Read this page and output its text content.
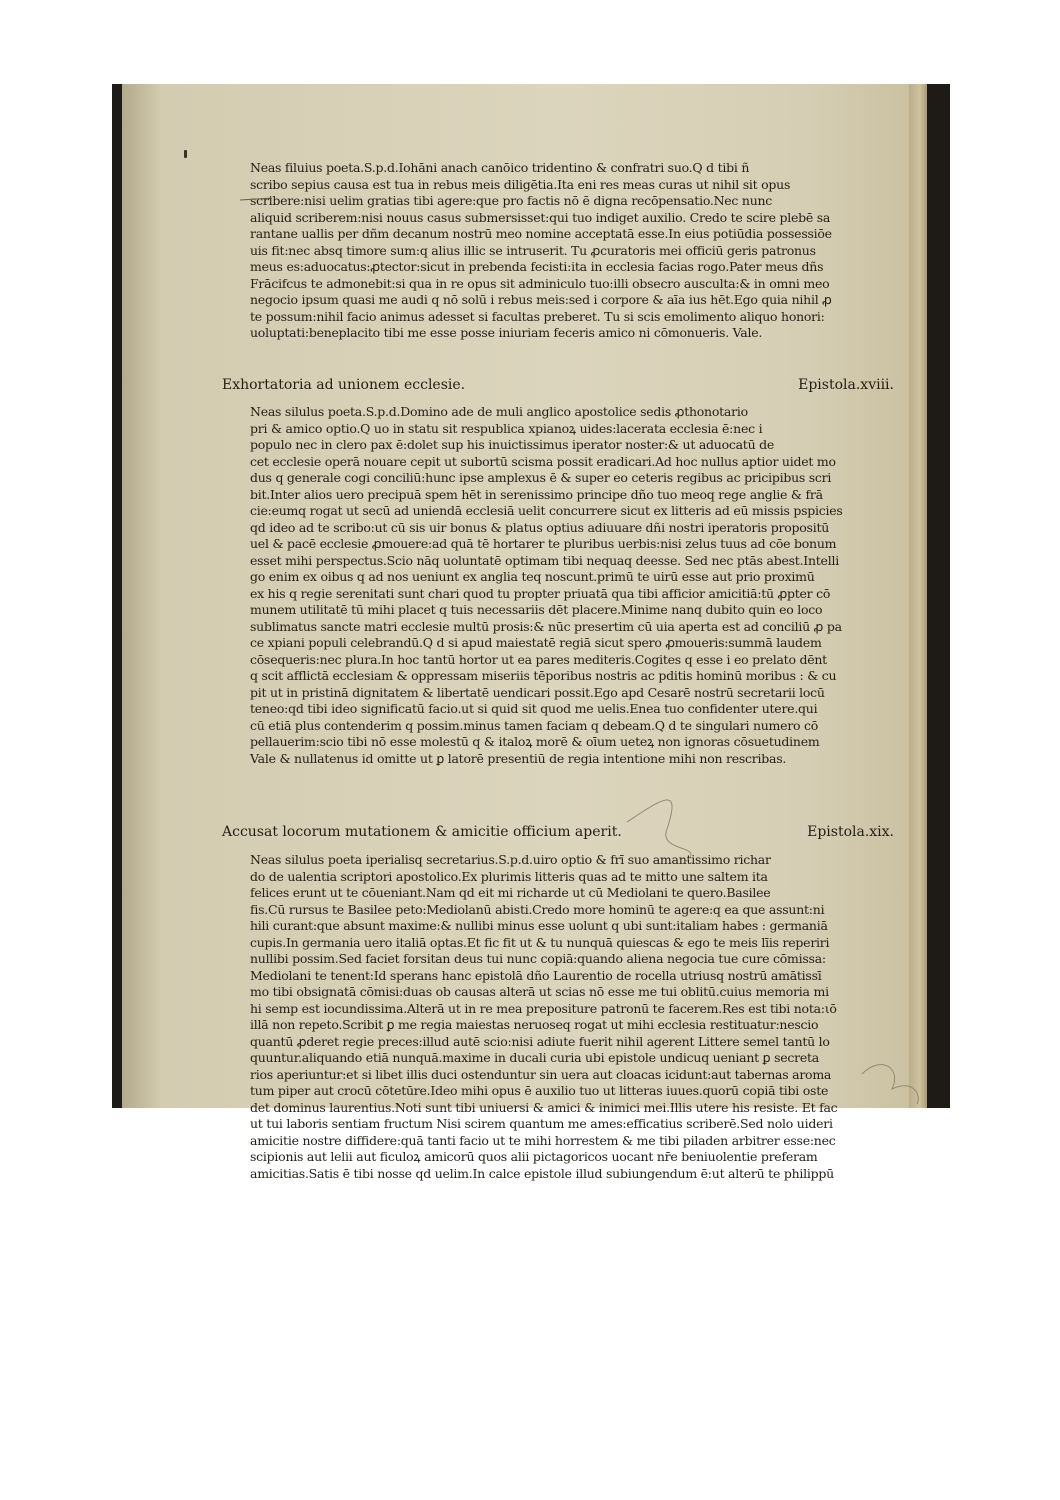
Neas filuius poeta.S.p.d.Iohāni anach canōico tridentino & confratri suo.Q d tibi ñ
scribo sepius causa est tua in rebus meis diligētia.Ita eni res meas curas ut nihil sit opus
scribere:nisi uelim gratias tibi agere:que pro factis nō ē digna recōpensatio.Nec nunc
aliquid scriberem:nisi nouus casus submersisset:qui tuo indiget auxilio. Credo te scire plebē sa
rantane uallis per dñm decanum nostrū meo nomine acceptatā esse.In eius potiūdia possessiōe
uis fit:nec absq timore sum:q alius illic se intruserit. Tu ꝓcuratoris mei officiū geris patronus
meus es:aduocatus:ꝓtector:sicut in prebenda fecisti:ita in ecclesia facias rogo.Pater meus dñs
Frācifcus te admonebit:si qua in re opus sit adminiculo tuo:illi obsecro auscultа:& in omni meo
negocio ipsum quasi me audi q nō solū i rebus meis:sed i corpore & aīa ius hēt.Ego quia nihil ꝓ
te possum:nihil facio animus adesset si facultas preberet. Tu si scis emolimento aliquo honori:
uoluptati:beneplacito tibi me esse posse iniuriam feceris amico ni cōmonueris. Vale.
Exhortatoria ad unionem ecclesie.	Epistola.xviii.
Neas silulus poeta.S.p.d.Domino ade de muli anglico apostolice sedis ꝓthonotario
pri & amico optio.Q uo in statu sit respublica xpianoꝝ uides:lacerata ecclesia ē:nec i
populo nec in clero pax ē:dolet sup his inuictissimus iperator noster:& ut aduocatū de
cet ecclesie operā nouare cepit ut subortū scisma possit eradicari.Ad hoc nullus aptior uidet mo
dus q generale cogi conciliū:hunc ipse amplexus ē & super eo ceteris regibus ac pricipibus scri
bit.Inter alios uero precipuā spem hēt in serenissimo principe dño tuo meoq rege anglie & frā
cie:eumq rogat ut secū ad uniendā ecclesiā uelit concurrere sicut ex litteris ad eū missis pspicies
qd ideo ad te scribo:ut cū sis uir bonus & platus optius adiuuare dñi nostri iperatoris propositū
uel & pacē ecclesie ꝓmouere:ad quā tē hortarer te pluribus uerbis:nisi zelus tuus ad cōe bonum
esset mihi perspectus.Scio nāq uoluntatē optimam tibi nequaq deesse. Sed nec ptās abest.Intelli
go enim ex oibus q ad nos ueniunt ex anglia teq noscunt.primū te uirū esse aut prio proximū
ex his q regie serenitati sunt chari quod tu propter priuatā qua tibi afficior amicitiā:tū ꝓpter cō
munem utilitatē tū mihi placet q tuis necessariis dēt placere.Minime nanq dubito quin eo loco
sublimatus sancte matri ecclesie multū prosis:& nūc presertim cū uia aperta est ad conciliū ꝓ pa
ce xpiani populi celebrandū.Q d si apud maiestatē regiā sicut spero ꝓmoueris:summā laudem
cōsequeris:nec plura.In hoc tantū hortor ut ea pares mediteris.Cogites q esse i eo prelato dēnt
q scit afflictā ecclesiam & oppressam miseriis tēporibus nostris ac pditis hominū moribus : & cu
pit ut in pristinā dignitatem & libertatē uendicari possit.Ego apd Cesarē nostrū secretarii locū
teneo:qd tibi ideo significatū facio.ut si quid sit quod me uelis.Enea tuo confidenter utere.qui
cū etiā plus contenderim q possim.minus tamen faciam q debeam.Q d te singulari numero cō
pellauerim:scio tibi nō esse molestū q & italoꝝ morē & oīum ueteꝝ non ignoras cōsuetudinem
Vale & nullatenus id omitte ut ꝑ latorē presentiū de regia intentione mihi non rescribas.
Accusat locorum mutationem & amicitie officium aperit.	Epistola.xix.
Neas silulus poeta iperialisq secretarius.S.p.d.uiro optio & frī suo amantissimo richar
do de ualentia scriptori apostolico.Ex plurimis litteris quas ad te mitto une saltem ita
felices erunt ut te cōueniant.Nam qd eit mi richarde ut cū Mediolani te quero.Basilee
fis.Cū rursus te Basilee peto:Mediolanū abisti.Credo more hominū te agere:q ea que assunt:ni
hili curant:que absunt maxime:& nullibi minus esse uolunt q ubi sunt:italiam habes : germaniā
cupis.In germania uero italiā optas.Et fic fit ut & tu nunquā quiescas & ego te meis līis reperiri
nullibi possim.Sed faciet forsitan deus tui nunc copiā:quando aliena negocia tue cure cōmissa:
Mediolani te tenent:Id sperans hanc epistolā dño Laurentio de rocella utriusq nostrū amātissī
mo tibi obsignatā cōmisi:duas ob causas alterā ut scias nō esse me tui oblitū.cuius memoria mi
hi semp est iocundissima.Alterā ut in re mea prepositure patronū te facerem.Res est tibi nota:ιō
illā non repeto.Scribit ꝑ me regia maiestas neruoseq rogat ut mihi ecclesia restituatur:nescio
quantū ꝓderet regie preces:illud autē scio:nisi adiute fuerit nihil agerent Littere semel tantū lo
quuntur.aliquando etiā nunquā.maxime in ducali curia ubi epistole undicuq ueniant ꝑ secreta
rios aperiuntur:et si libet illis duci ostenduntur sin uera aut cloacas icidunt:aut tabernas aroma
tum piper aut crocū cōtetūre.Ideo mihi opus ē auxilio tuo ut litteras iuues.quorū copiā tibi oste
det dominus laurentius.Noti sunt tibi uniuersi & amici & inimici mei.Illis utere his resiste. Et fac
ut tui laboris sentiam fructum Nisi scirem quantum me ames:efficatius scriberē.Sed nolo uideri
amicitie nostre diffidere:quā tanti facio ut te mihi horrestem & me tibi piladen arbitrer esse:nec
scipionis aut lelii aut ficuloꝝ amicorū quos alii pictagoricos uocant nr̄e beniuolentie preferam
amicitias.Satis ē tibi nosse qd uelim.In calce epistole illud subiungendum ē:ut alterū te philippū
